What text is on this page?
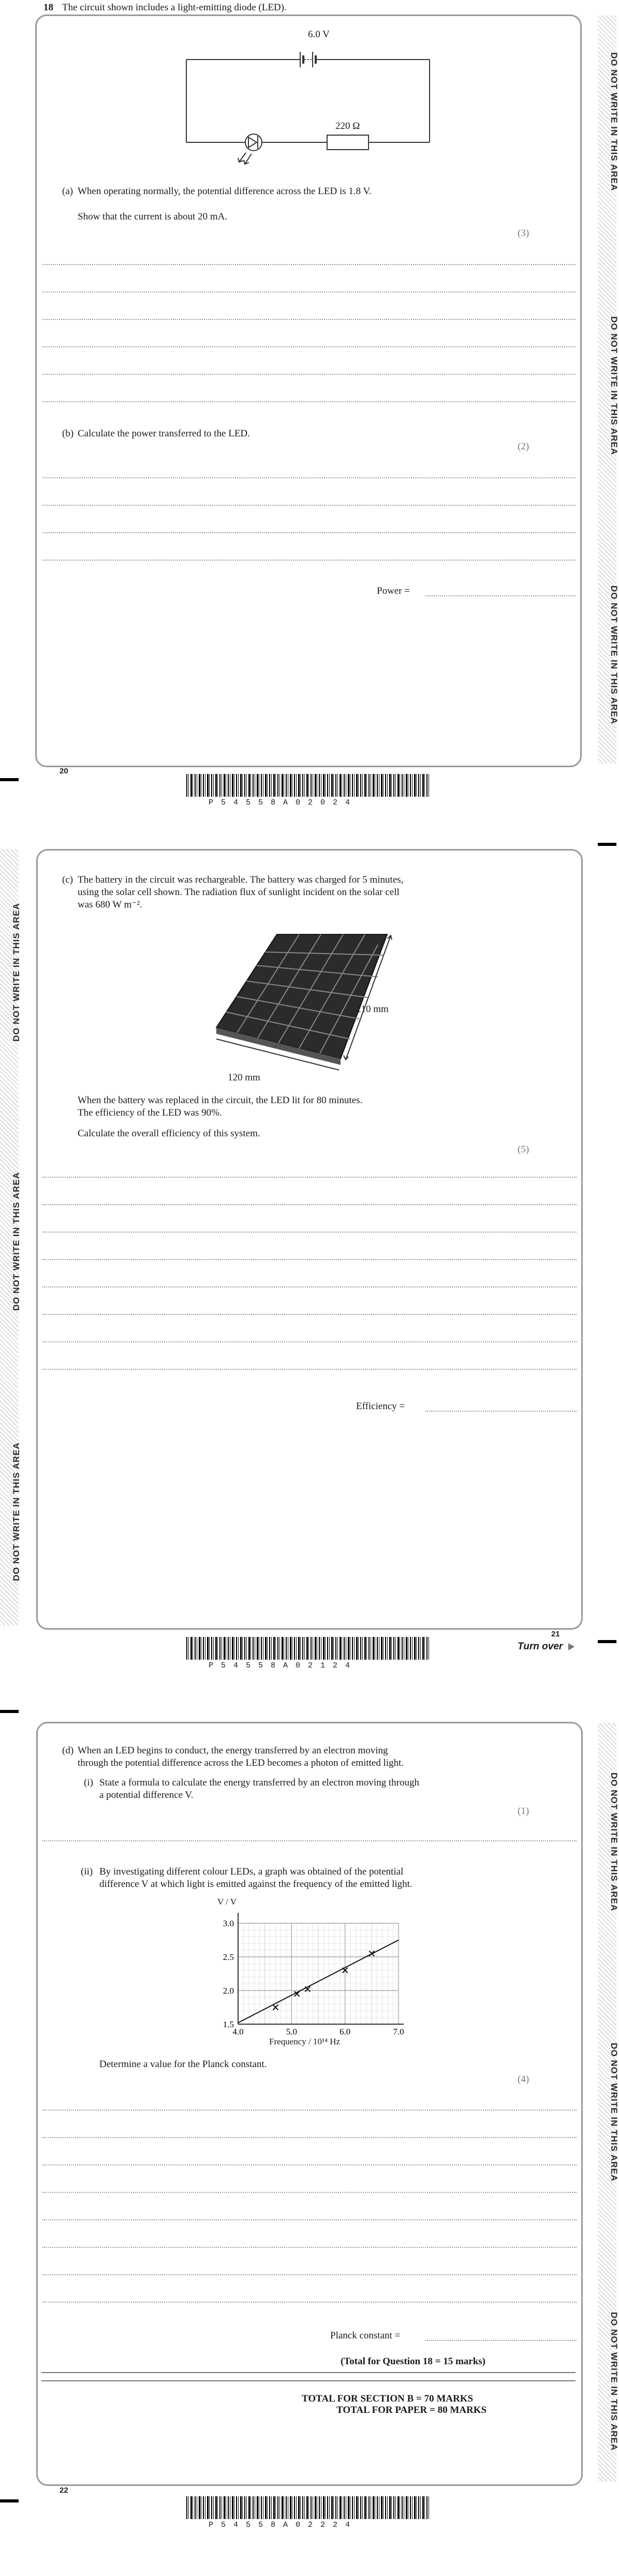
18 The circuit shown includes a light-emitting diode (LED).
6.0 V
220 Ω
(a) When operating normally, the potential difference across the LED is 1.8 V.
Show that the current is about 20 mA.
(3)
(b) Calculate the power transferred to the LED.
(2)
Power =
DO NOT WRITE IN THIS AREA
DO NOT WRITE IN THIS AREA
DO NOT WRITE IN THIS AREA
20
P54558A02024
(c) The battery in the circuit was rechargeable. The battery was charged for 5 minutes,
using the solar cell shown. The radiation flux of sunlight incident on the solar cell
was 680 W m⁻².
120 mm
210 mm
When the battery was replaced in the circuit, the LED lit for 80 minutes.
The efficiency of the LED was 90%.
Calculate the overall efficiency of this system.
(5)
Efficiency =
DO NOT WRITE IN THIS AREA
DO NOT WRITE IN THIS AREA
DO NOT WRITE IN THIS AREA
21
Turn over
P54558A02124
(d) When an LED begins to conduct, the energy transferred by an electron moving
through the potential difference across the LED becomes a photon of emitted light.
(i) State a formula to calculate the energy transferred by an electron moving through
a potential difference V.
(1)
(ii) By investigating different colour LEDs, a graph was obtained of the potential
difference V at which light is emitted against the frequency of the emitted light.
4.0	5.0	6.0	7.0
1.5
2.0
2.5
3.0
V / V
Frequency / 10¹⁴ Hz
Determine a value for the Planck constant.
(4)
Planck constant =
(Total for Question 18 = 15 marks)
TOTAL FOR SECTION B = 70 MARKS
TOTAL FOR PAPER = 80 MARKS
DO NOT WRITE IN THIS AREA
DO NOT WRITE IN THIS AREA
DO NOT WRITE IN THIS AREA
22
P54558A02224
